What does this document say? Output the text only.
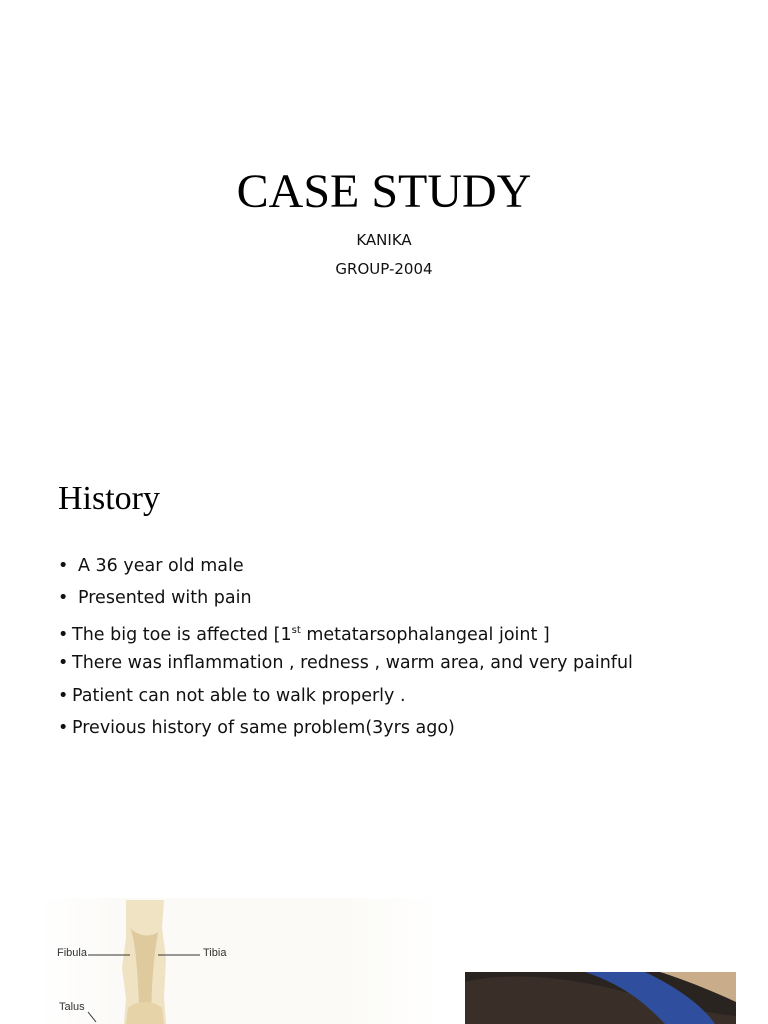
CASE STUDY
KANIKA
GROUP-2004
History
• A 36 year old male
• Presented with pain
• The big toe is affected [1st metatarsophalangeal joint ]
• There was inflammation , redness , warm area, and very painful
• Patient can not able to walk properly .
• Previous history of same problem(3yrs ago)
Fibula	Tibia
Talus
